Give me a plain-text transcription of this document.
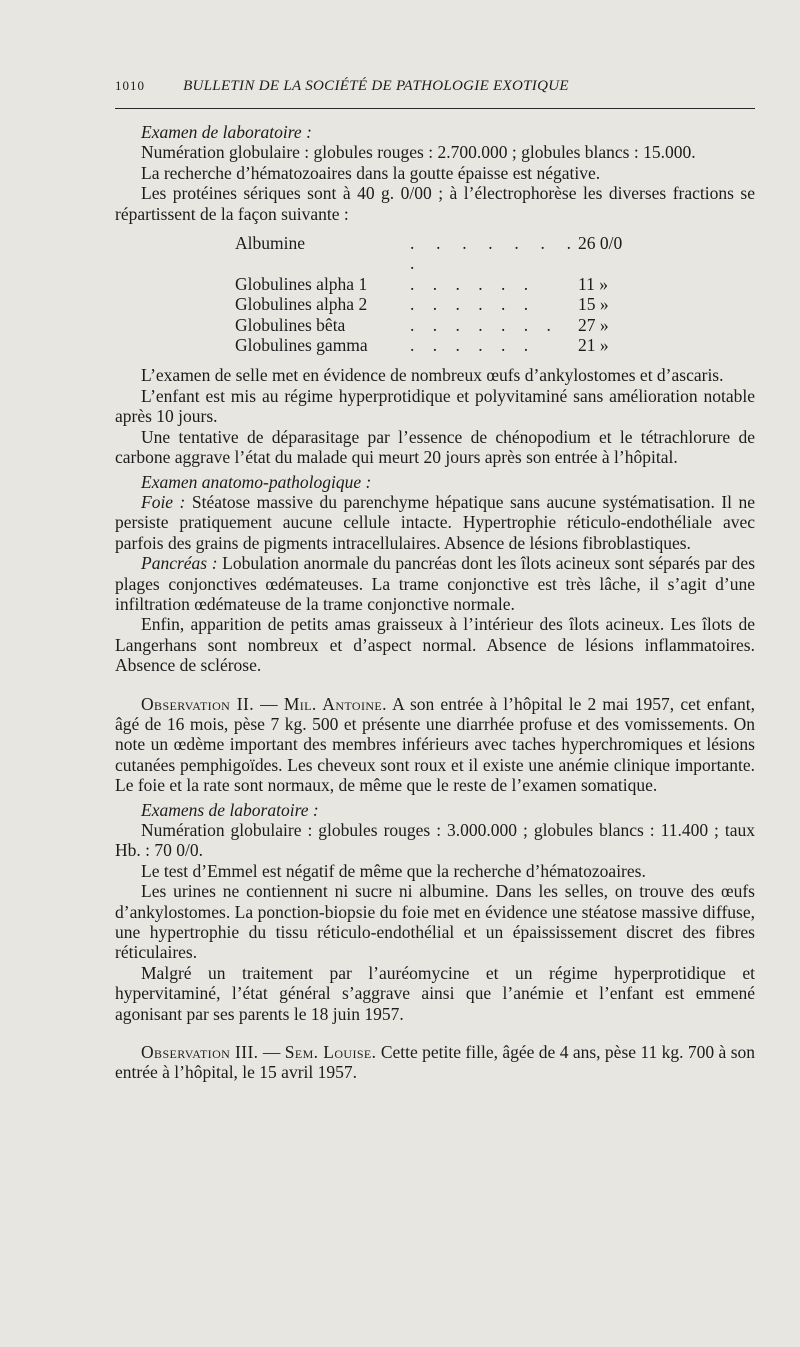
1010	BULLETIN DE LA SOCIÉTÉ DE PATHOLOGIE EXOTIQUE

Examen de laboratoire :

Numération globulaire : globules rouges : 2.700.000 ; globules blancs : 15.000.

La recherche d’hématozoaires dans la goutte épaisse est négative.

Les protéines sériques sont à 40 g. 0/00 ; à l’électrophorèse les diverses fractions se répartissent de la façon suivante :

Albumine	. . . . . . . .	26 0/0
Globulines alpha 1	. . . . . .	11 »
Globulines alpha 2	. . . . . .	15 »
Globulines bêta	. . . . . . .	27 »
Globulines gamma	. . . . . .	21 »

L’examen de selle met en évidence de nombreux œufs d’ankylostomes et d’ascaris.

L’enfant est mis au régime hyperprotidique et polyvitaminé sans amélioration notable après 10 jours.

Une tentative de déparasitage par l’essence de chénopodium et le tétrachlorure de carbone aggrave l’état du malade qui meurt 20 jours après son entrée à l’hôpital.

Examen anatomo-pathologique :

Foie : Stéatose massive du parenchyme hépatique sans aucune systématisation. Il ne persiste pratiquement aucune cellule intacte. Hypertrophie réticulo-endothéliale avec parfois des grains de pigments intracellulaires. Absence de lésions fibroblastiques.

Pancréas : Lobulation anormale du pancréas dont les îlots acineux sont séparés par des plages conjonctives œdémateuses. La trame conjonctive est très lâche, il s’agit d’une infiltration œdémateuse de la trame conjonctive normale.

Enfin, apparition de petits amas graisseux à l’intérieur des îlots acineux. Les îlots de Langerhans sont nombreux et d’aspect normal. Absence de lésions inflammatoires. Absence de sclérose.

Observation II. — Mil. Antoine. A son entrée à l’hôpital le 2 mai 1957, cet enfant, âgé de 16 mois, pèse 7 kg. 500 et présente une diarrhée profuse et des vomissements. On note un œdème important des membres inférieurs avec taches hyperchromiques et lésions cutanées pemphigoïdes. Les cheveux sont roux et il existe une anémie clinique importante. Le foie et la rate sont normaux, de même que le reste de l’examen somatique.

Examens de laboratoire :

Numération globulaire : globules rouges : 3.000.000 ; globules blancs : 11.400 ; taux Hb. : 70 0/0.

Le test d’Emmel est négatif de même que la recherche d’hématozoaires.

Les urines ne contiennent ni sucre ni albumine. Dans les selles, on trouve des œufs d’ankylostomes. La ponction-biopsie du foie met en évidence une stéatose massive diffuse, une hypertrophie du tissu réticulo-endothélial et un épaississement discret des fibres réticulaires.

Malgré un traitement par l’auréomycine et un régime hyperprotidique et hypervitaminé, l’état général s’aggrave ainsi que l’anémie et l’enfant est emmené agonisant par ses parents le 18 juin 1957.

Observation III. — Sem. Louise. Cette petite fille, âgée de 4 ans, pèse 11 kg. 700 à son entrée à l’hôpital, le 15 avril 1957.
